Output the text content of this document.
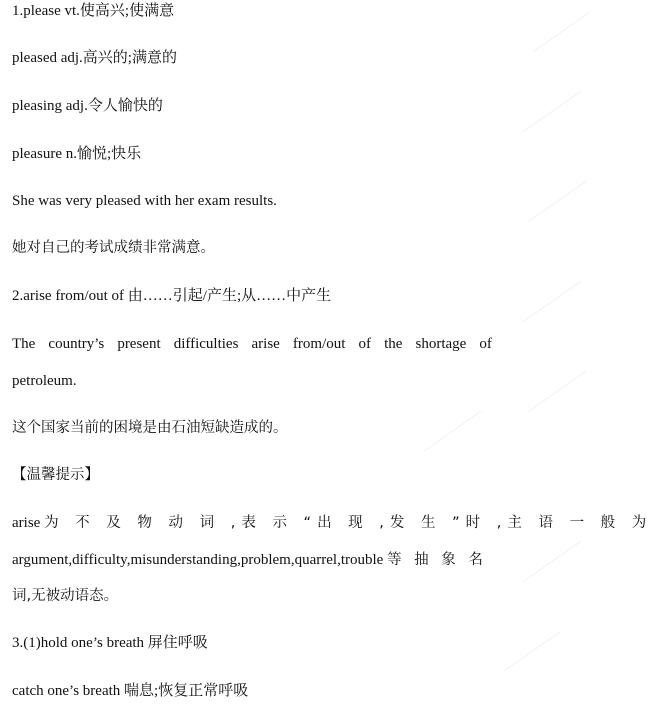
1.please vt.使高兴;使满意
pleased adj.高兴的;满意的
pleasing adj.令人愉快的
pleasure n.愉悦;快乐
She was very pleased with her exam results.
她对自己的考试成绩非常满意。
2.arise from/out of 由……引起/产生;从……中产生
The country’s present difficulties arise from/out of the shortage of
petroleum.
这个国家当前的困境是由石油短缺造成的。
【温馨提示】
arise 为 不 及 物 动 词 ,表 示 “出 现 ,发 生 ”时 ,主 语 一 般 为
argument,difficulty,misunderstanding,problem,quarrel,trouble 等 抽 象 名
词,无被动语态。
3.(1)hold one’s breath 屏住呼吸
catch one’s breath 喘息;恢复正常呼吸
